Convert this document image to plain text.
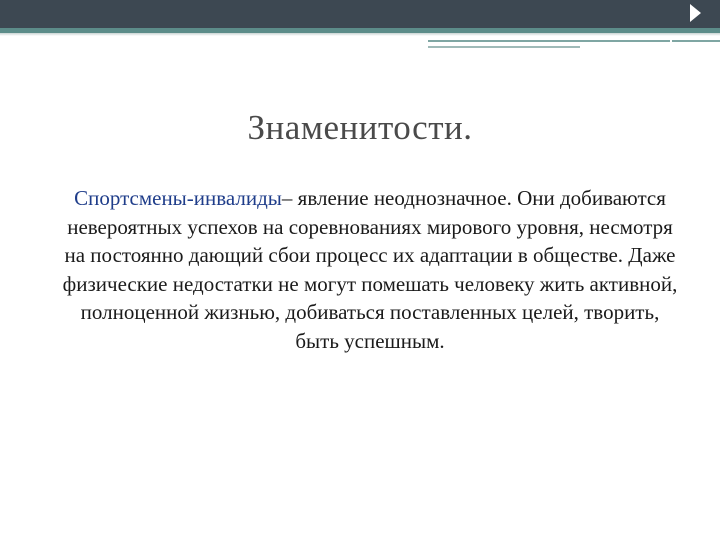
Знаменитости.
Спортсмены-инвалиды– явление неоднозначное. Они добиваются невероятных успехов на соревнованиях мирового уровня, несмотря на постоянно дающий сбои процесс их адаптации в обществе. Даже физические недостатки не могут помешать человеку жить активной, полноценной жизнью, добиваться поставленных целей, творить, быть успешным.
